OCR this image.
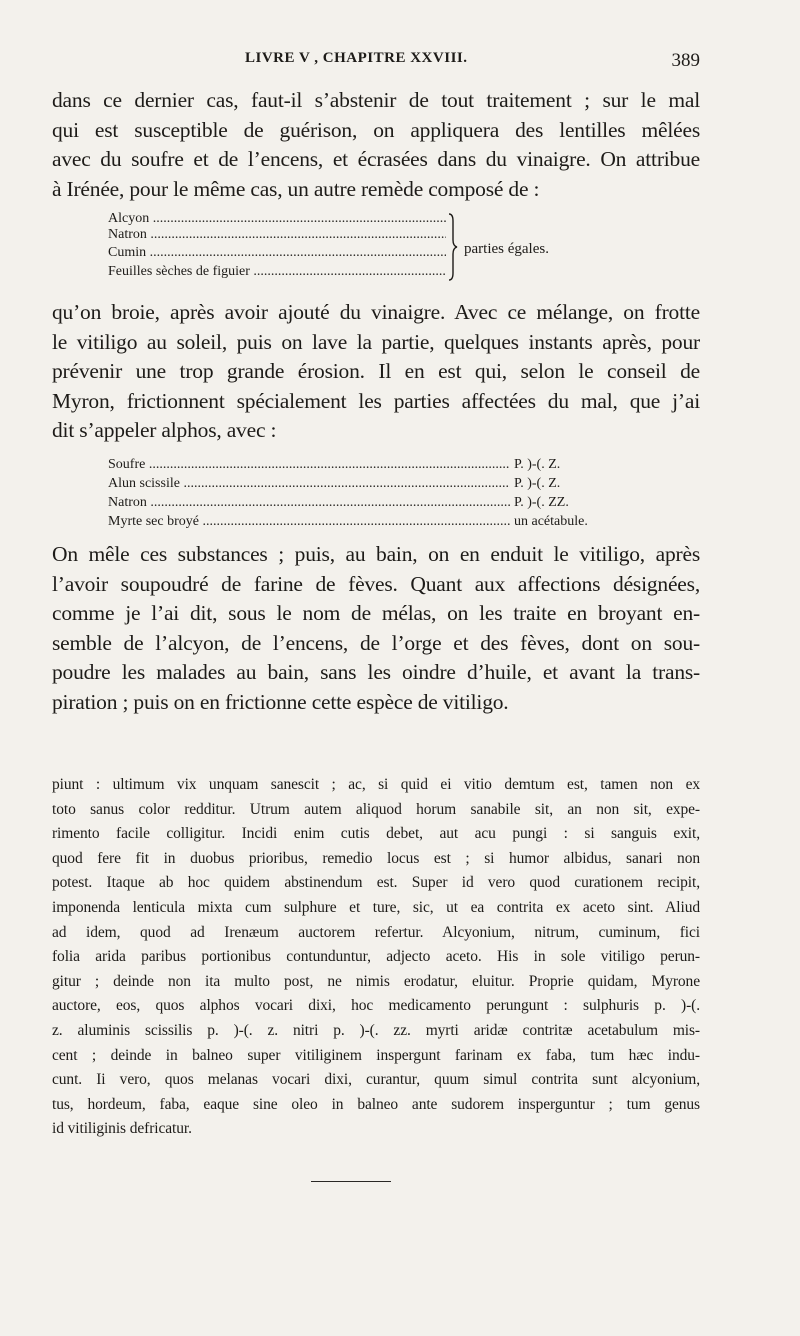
LIVRE V , CHAPITRE XXVIII.	389
dans ce dernier cas, faut-il s’abstenir de tout traitement ; sur le mal
qui est susceptible de guérison, on appliquera des lentilles mêlées
avec du soufre et de l’encens, et écrasées dans du vinaigre. On attribue
à Irénée, pour le même cas, un autre remède composé de :
Alcyon .....
Natron .....
Cumin .....
Feuilles sèches de figuier .....
parties égales.
qu’on broie, après avoir ajouté du vinaigre. Avec ce mélange, on frotte
le vitiligo au soleil, puis on lave la partie, quelques instants après, pour
prévenir une trop grande érosion. Il en est qui, selon le conseil de
Myron, frictionnent spécialement les parties affectées du mal, que j’ai
dit s’appeler alphos, avec :
Soufre .....	P. )-(. Z.
Alun scissile .....	P. )-(. Z.
Natron .....	P. )-(. ZZ.
Myrte sec broyé .....	un acétabule.
On mêle ces substances ; puis, au bain, on en enduit le vitiligo, après
l’avoir soupoudré de farine de fèves. Quant aux affections désignées,
comme je l’ai dit, sous le nom de mélas, on les traite en broyant en-
semble de l’alcyon, de l’encens, de l’orge et des fèves, dont on sou-
poudre les malades au bain, sans les oindre d’huile, et avant la trans-
piration ; puis on en frictionne cette espèce de vitiligo.
piunt : ultimum vix unquam sanescit ; ac, si quid ei vitio demtum est, tamen non ex
toto sanus color redditur. Utrum autem aliquod horum sanabile sit, an non sit, expe-
rimento facile colligitur. Incidi enim cutis debet, aut acu pungi : si sanguis exit,
quod fere fit in duobus prioribus, remedio locus est ; si humor albidus, sanari non
potest. Itaque ab hoc quidem abstinendum est. Super id vero quod curationem recipit,
imponenda lenticula mixta cum sulphure et ture, sic, ut ea contrita ex aceto sint. Aliud
ad idem, quod ad Irenæum auctorem refertur. Alcyonium, nitrum, cuminum, fici
folia arida paribus portionibus contunduntur, adjecto aceto. His in sole vitiligo perun-
gitur ; deinde non ita multo post, ne nimis erodatur, eluitur. Proprie quidam, Myrone
auctore, eos, quos alphos vocari dixi, hoc medicamento perungunt : sulphuris p. )-(.
z. aluminis scissilis p. )-(. z. nitri p. )-(. zz. myrti aridæ contritæ acetabulum mis-
cent ; deinde in balneo super vitiliginem inspergunt farinam ex faba, tum hæc indu-
cunt. Ii vero, quos melanas vocari dixi, curantur, quum simul contrita sunt alcyonium,
tus, hordeum, faba, eaque sine oleo in balneo ante sudorem insperguntur ; tum genus
id vitiliginis defricatur.
